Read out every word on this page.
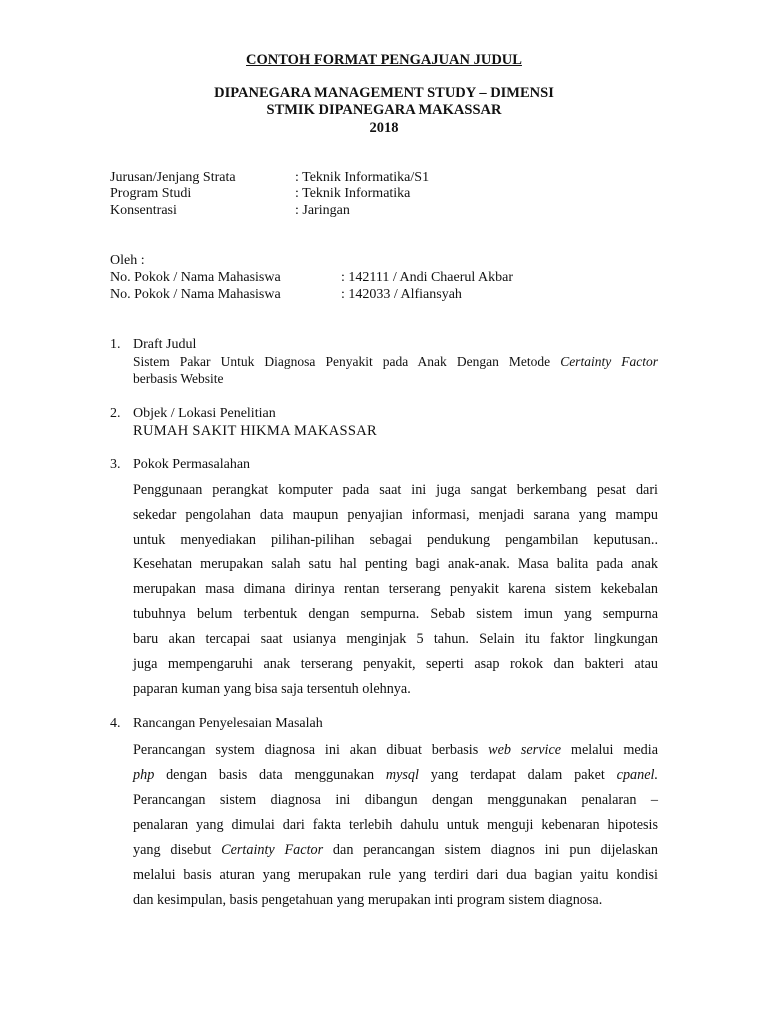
CONTOH FORMAT PENGAJUAN JUDUL
DIPANEGARA MANAGEMENT STUDY – DIMENSI
STMIK DIPANEGARA MAKASSAR
2018
Jurusan/Jenjang Strata	: Teknik Informatika/S1
Program Studi	: Teknik Informatika
Konsentrasi	: Jaringan
Oleh :
No. Pokok / Nama Mahasiswa	: 142111 / Andi Chaerul Akbar
No. Pokok / Nama Mahasiswa	: 142033 / Alfiansyah
1. Draft Judul
Sistem Pakar Untuk Diagnosa Penyakit pada Anak Dengan Metode Certainty Factor
berbasis Website
2. Objek / Lokasi Penelitian
RUMAH SAKIT HIKMA MAKASSAR
3. Pokok Permasalahan
Penggunaan perangkat komputer pada saat ini juga sangat berkembang pesat dari
sekedar pengolahan data maupun penyajian informasi, menjadi sarana yang mampu
untuk menyediakan pilihan-pilihan sebagai pendukung pengambilan keputusan..
Kesehatan merupakan salah satu hal penting bagi anak-anak. Masa balita pada anak
merupakan masa dimana dirinya rentan terserang penyakit karena sistem kekebalan
tubuhnya belum terbentuk dengan sempurna. Sebab sistem imun yang sempurna
baru akan tercapai saat usianya menginjak 5 tahun. Selain itu faktor lingkungan
juga mempengaruhi anak terserang penyakit, seperti asap rokok dan bakteri atau
paparan kuman yang bisa saja tersentuh olehnya.
4. Rancangan Penyelesaian Masalah
Perancangan system diagnosa ini akan dibuat berbasis web service melalui media
php dengan basis data menggunakan mysql yang terdapat dalam paket cpanel.
Perancangan sistem diagnosa ini dibangun dengan menggunakan penalaran –
penalaran yang dimulai dari fakta terlebih dahulu untuk menguji kebenaran hipotesis
yang disebut Certainty Factor dan perancangan sistem diagnos ini pun dijelaskan
melalui basis aturan yang merupakan rule yang terdiri dari dua bagian yaitu kondisi
dan kesimpulan, basis pengetahuan yang merupakan inti program sistem diagnosa.
